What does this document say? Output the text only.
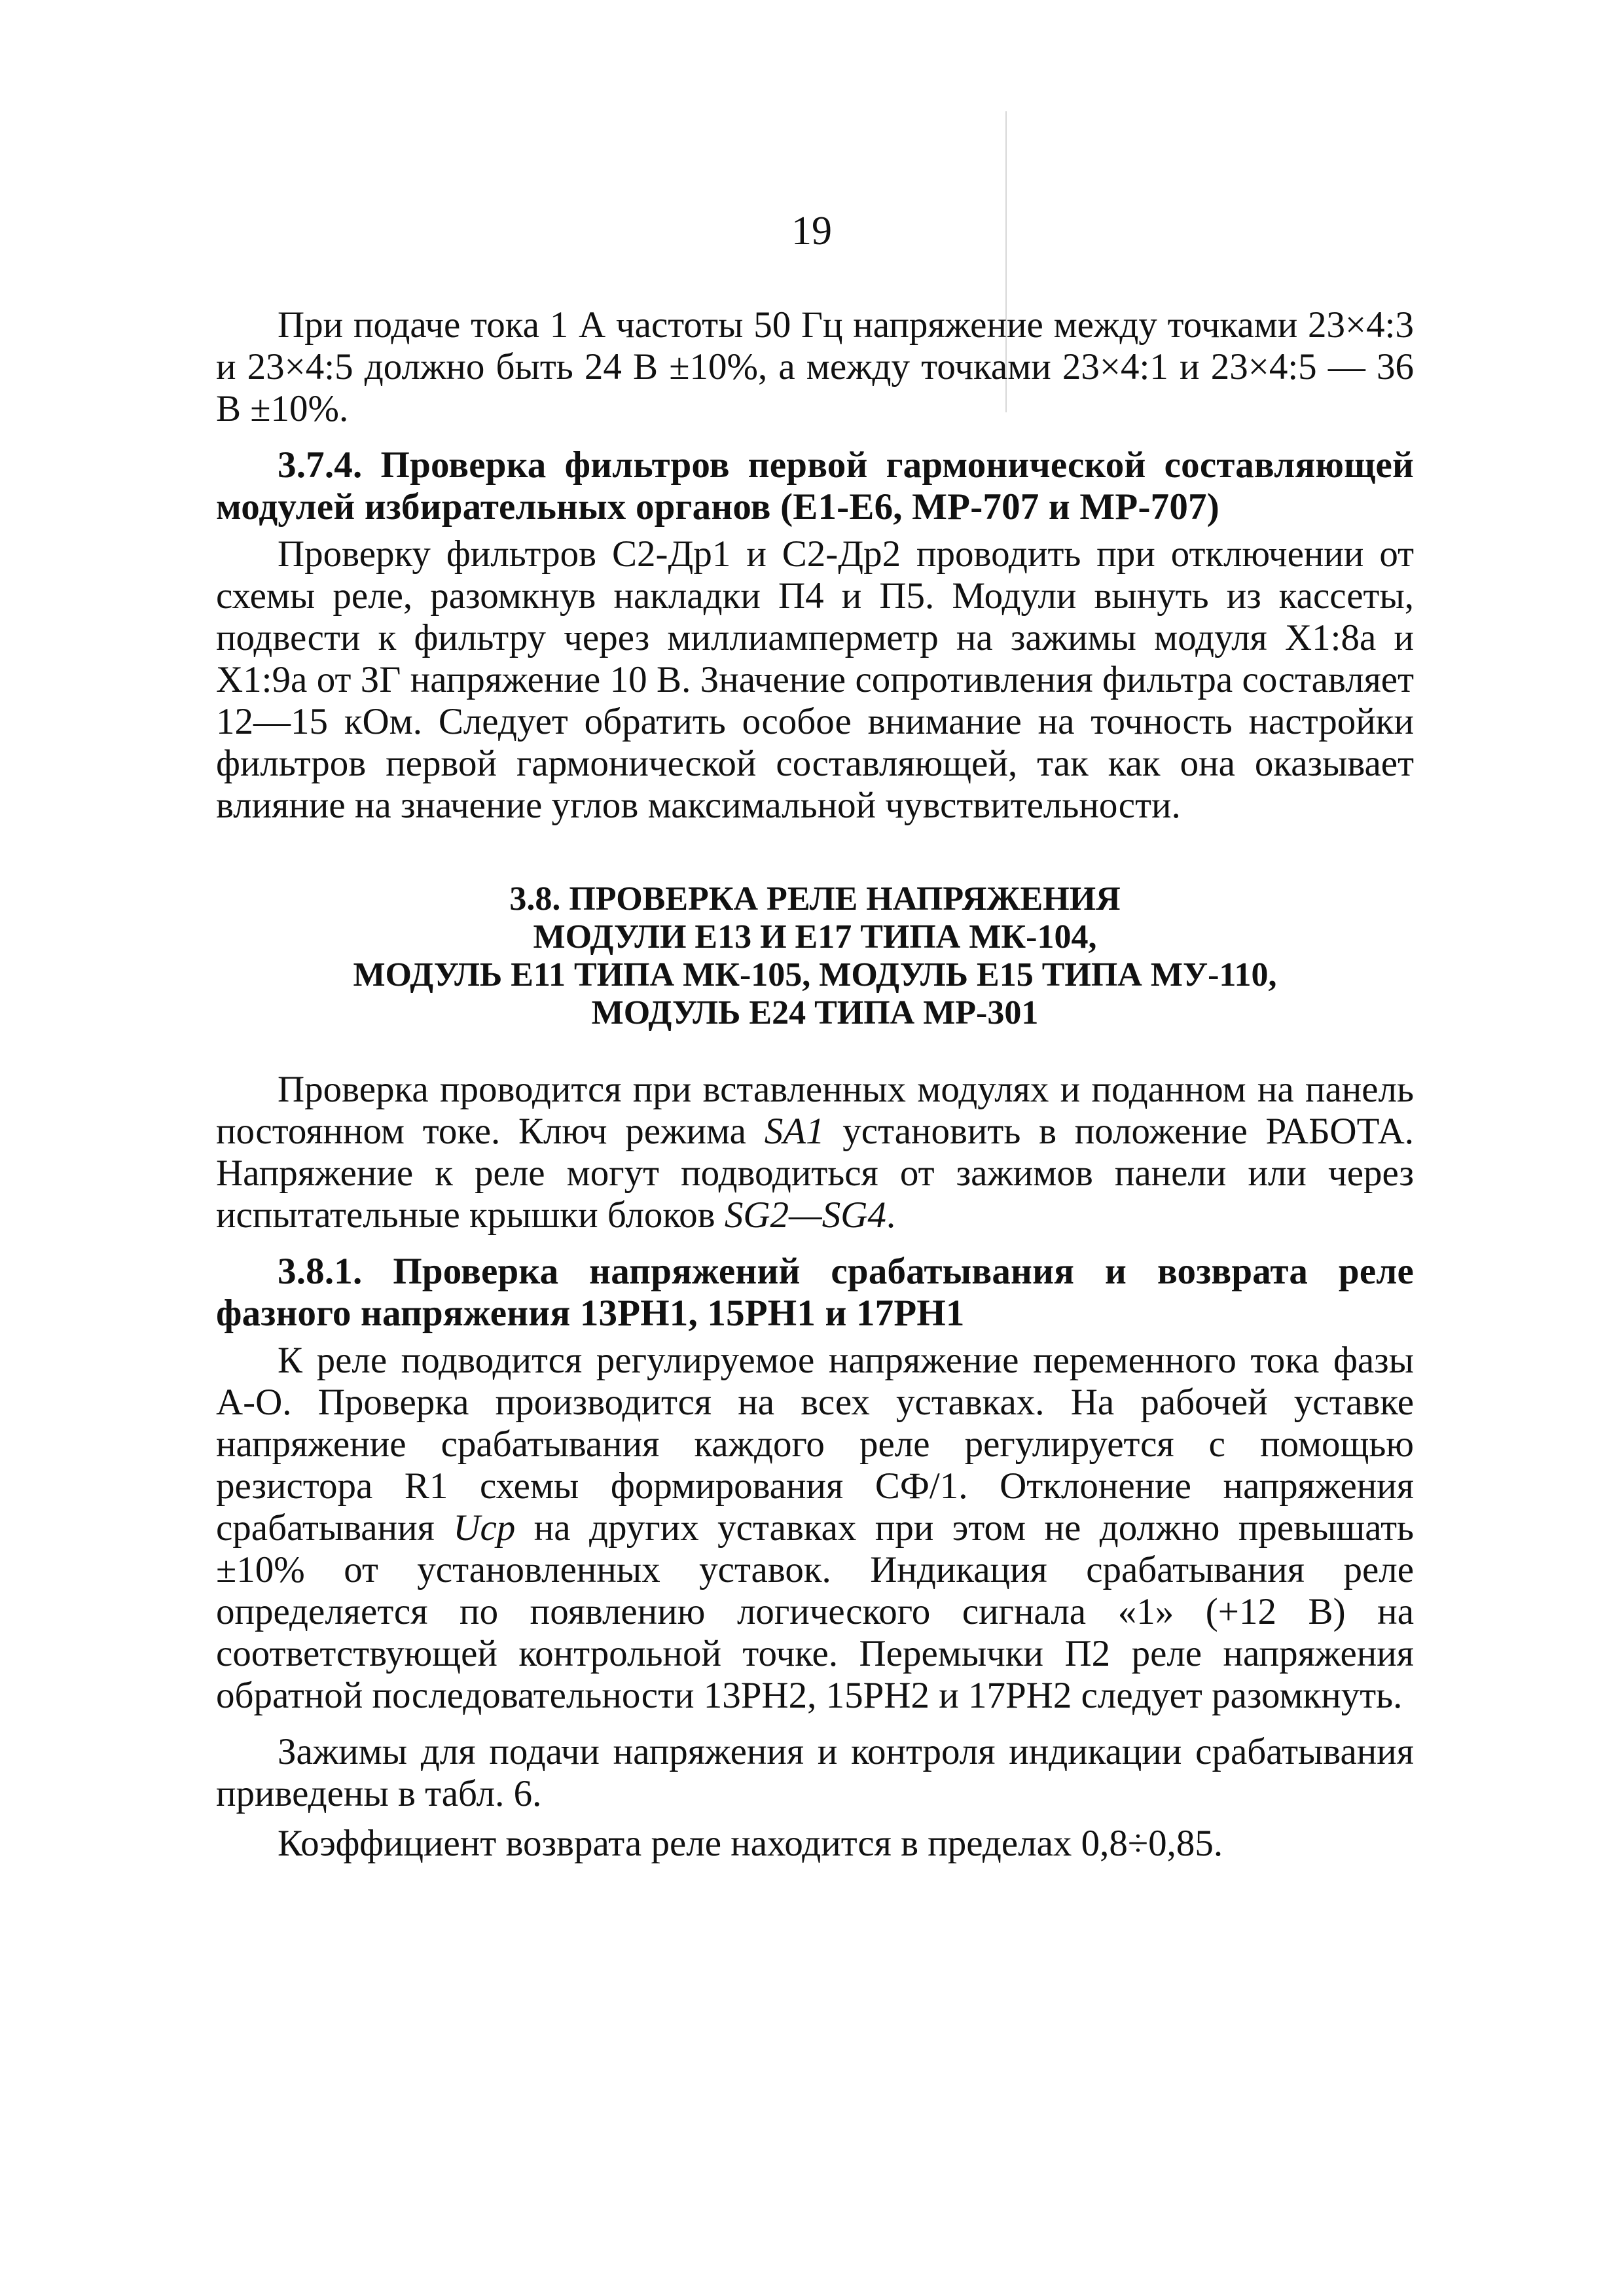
19

При подаче тока 1 А частоты 50 Гц напряжение между точками 23×4:3 и 23×4:5 должно быть 24 В ±10%, а между точками 23×4:1 и 23×4:5 — 36 В ±10%.

3.7.4. Проверка фильтров первой гармонической составляющей модулей избирательных органов (Е1-Е6, МР-707 и МР-707)

Проверку фильтров С2-Др1 и С2-Др2 проводить при отключении от схемы реле, разомкнув накладки П4 и П5. Модули вынуть из кассеты, подвести к фильтру через миллиамперметр на зажимы модуля Х1:8а и Х1:9а от ЗГ напряжение 10 В. Значение сопротивления фильтра составляет 12—15 кОм. Следует обратить особое внимание на точность настройки фильтров первой гармонической составляющей, так как она оказывает влияние на значение углов максимальной чувствительности.

3.8. ПРОВЕРКА РЕЛЕ НАПРЯЖЕНИЯ
МОДУЛИ Е13 И Е17 ТИПА МК-104,
МОДУЛЬ Е11 ТИПА МК-105, МОДУЛЬ Е15 ТИПА МУ-110,
МОДУЛЬ Е24 ТИПА МР-301

Проверка проводится при вставленных модулях и поданном на панель постоянном токе. Ключ режима SA1 установить в положение РАБОТА. Напряжение к реле могут подводиться от зажимов панели или через испытательные крышки блоков SG2—SG4.

3.8.1. Проверка напряжений срабатывания и возврата реле фазного напряжения 13РН1, 15РН1 и 17РН1

К реле подводится регулируемое напряжение переменного тока фазы А-О. Проверка производится на всех уставках. На рабочей уставке напряжение срабатывания каждого реле регулируется с помощью резистора R1 схемы формирования СФ/1. Отклонение напряжения срабатывания Uср на других уставках при этом не должно превышать ±10% от установленных уставок. Индикация срабатывания реле определяется по появлению логического сигнала «1» (+12 В) на соответствующей контрольной точке. Перемычки П2 реле напряжения обратной последовательности 13РН2, 15РН2 и 17РН2 следует разомкнуть.

Зажимы для подачи напряжения и контроля индикации срабатывания приведены в табл. 6.

Коэффициент возврата реле находится в пределах 0,8÷0,85.
